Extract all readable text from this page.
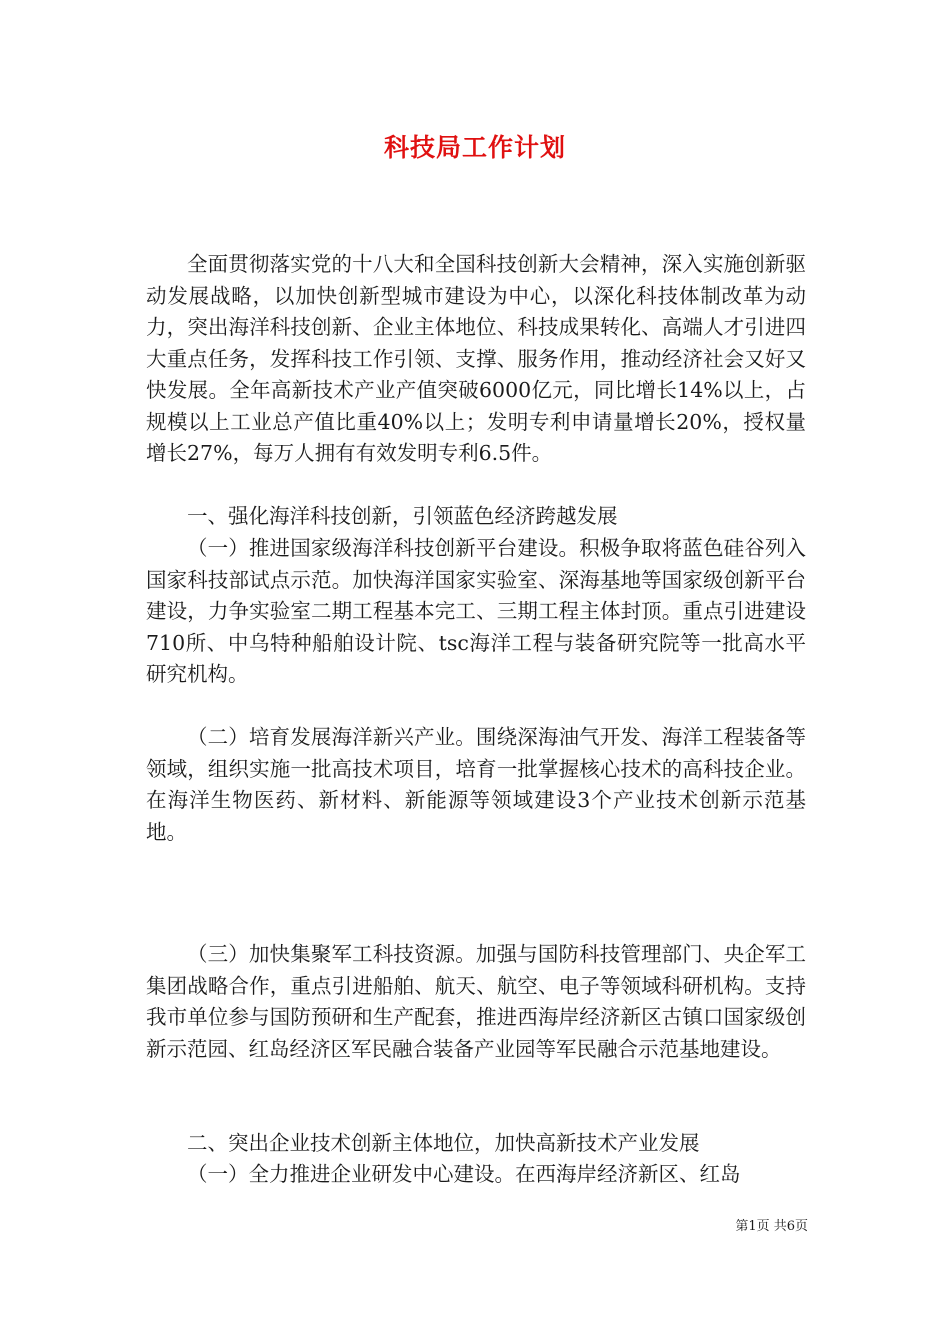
科技局工作计划

全面贯彻落实党的十八大和全国科技创新大会精神，深入实施创新驱动发展战略，以加快创新型城市建设为中心，以深化科技体制改革为动力，突出海洋科技创新、企业主体地位、科技成果转化、高端人才引进四大重点任务，发挥科技工作引领、支撑、服务作用，推动经济社会又好又快发展。全年高新技术产业产值突破6000亿元，同比增长14%以上，占规模以上工业总产值比重40%以上；发明专利申请量增长20%，授权量增长27%，每万人拥有有效发明专利6.5件。

一、强化海洋科技创新，引领蓝色经济跨越发展

（一）推进国家级海洋科技创新平台建设。积极争取将蓝色硅谷列入国家科技部试点示范。加快海洋国家实验室、深海基地等国家级创新平台建设，力争实验室二期工程基本完工、三期工程主体封顶。重点引进建设710所、中乌特种船舶设计院、tsc海洋工程与装备研究院等一批高水平研究机构。

（二）培育发展海洋新兴产业。围绕深海油气开发、海洋工程装备等领域，组织实施一批高技术项目，培育一批掌握核心技术的高科技企业。在海洋生物医药、新材料、新能源等领域建设3个产业技术创新示范基地。

（三）加快集聚军工科技资源。加强与国防科技管理部门、央企军工集团战略合作，重点引进船舶、航天、航空、电子等领域科研机构。支持我市单位参与国防预研和生产配套，推进西海岸经济新区古镇口国家级创新示范园、红岛经济区军民融合装备产业园等军民融合示范基地建设。

二、突出企业技术创新主体地位，加快高新技术产业发展

（一）全力推进企业研发中心建设。在西海岸经济新区、红岛

第1页 共6页
